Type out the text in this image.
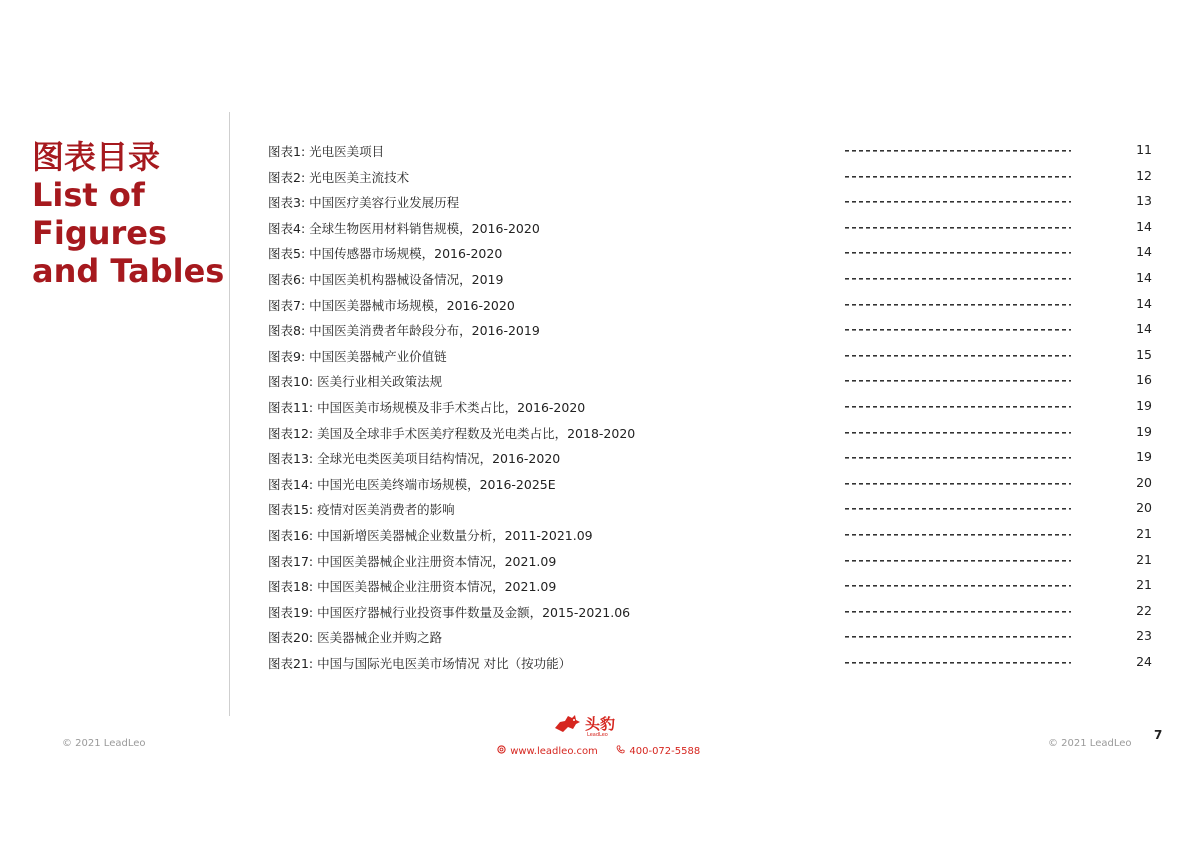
图表目录
List of
Figures
and Tables
图表1: 光电医美项目	11
图表2: 光电医美主流技术	12
图表3: 中国医疗美容行业发展历程	13
图表4: 全球生物医用材料销售规模，2016-2020	14
图表5: 中国传感器市场规模，2016-2020	14
图表6: 中国医美机构器械设备情况，2019	14
图表7: 中国医美器械市场规模，2016-2020	14
图表8: 中国医美消费者年龄段分布，2016-2019	14
图表9: 中国医美器械产业价值链	15
图表10: 医美行业相关政策法规	16
图表11: 中国医美市场规模及非手术类占比，2016-2020	19
图表12: 美国及全球非手术医美疗程数及光电类占比，2018-2020	19
图表13: 全球光电类医美项目结构情况，2016-2020	19
图表14: 中国光电医美终端市场规模，2016-2025E	20
图表15: 疫情对医美消费者的影响	20
图表16: 中国新增医美器械企业数量分析，2011-2021.09	21
图表17: 中国医美器械企业注册资本情况，2021.09	21
图表18: 中国医美器械企业注册资本情况，2021.09	21
图表19: 中国医疗器械行业投资事件数量及金额，2015-2021.06	22
图表20: 医美器械企业并购之路	23
图表21: 中国与国际光电医美市场情况 对比（按功能）	24
© 2021 LeadLeo
头豹
LeadLeo
www.leadleo.com	400-072-5588
© 2021 LeadLeo
7
